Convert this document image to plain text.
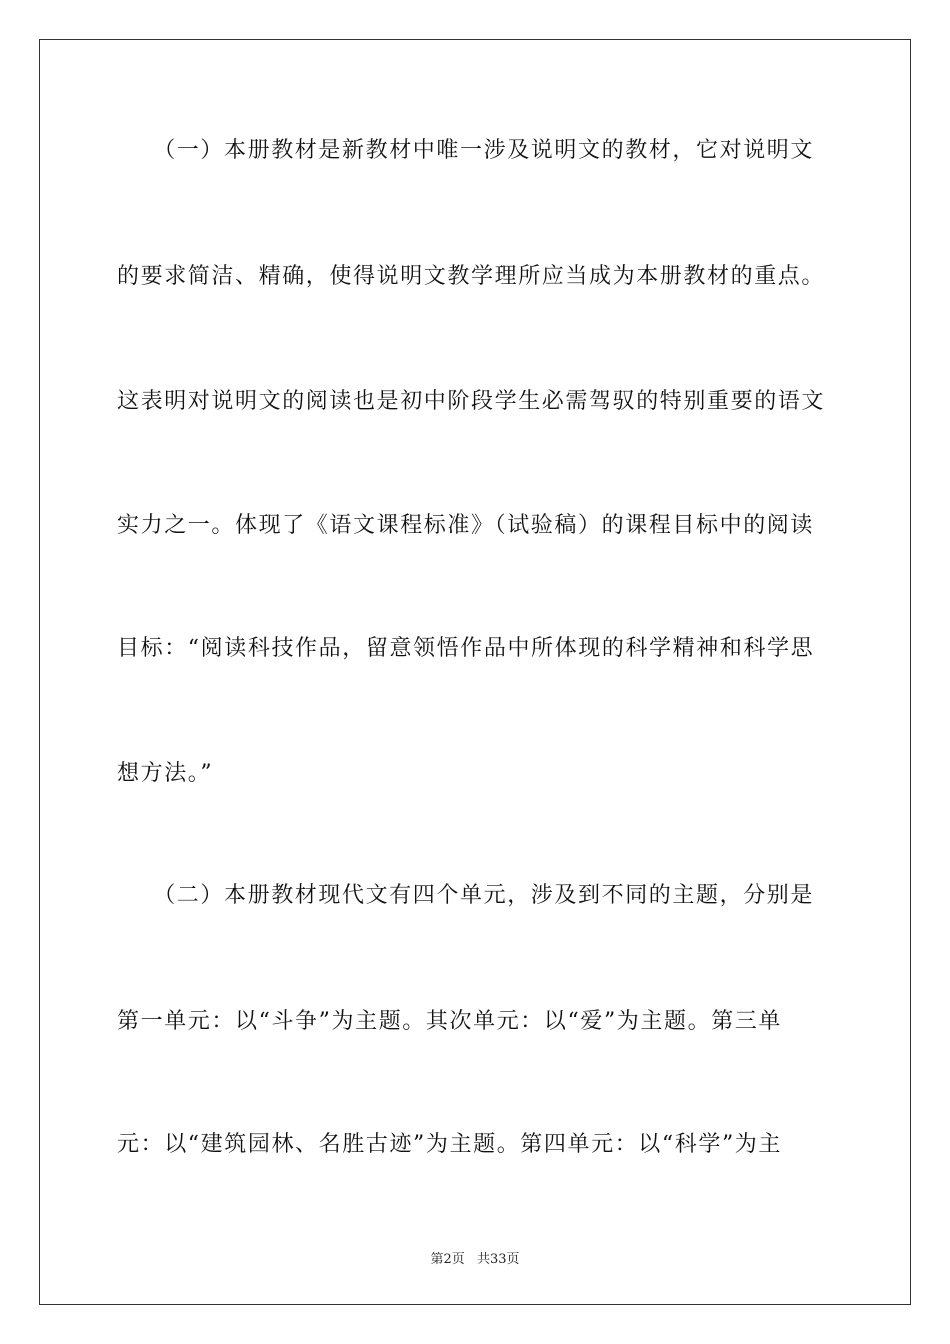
　　（一）本册教材是新教材中唯一涉及说明文的教材，它对说明文
的要求简洁、精确，使得说明文教学理所应当成为本册教材的重点。
这表明对说明文的阅读也是初中阶段学生必需驾驭的特别重要的语文
实力之一。体现了《语文课程标准》（试验稿）的课程目标中的阅读
目标：“阅读科技作品，留意领悟作品中所体现的科学精神和科学思
想方法。”
　　（二）本册教材现代文有四个单元，涉及到不同的主题，分别是
第一单元：以“斗争”为主题。其次单元：以“爱”为主题。第三单
元：以“建筑园林、名胜古迹”为主题。第四单元：以“科学”为主
第2页 共33页
